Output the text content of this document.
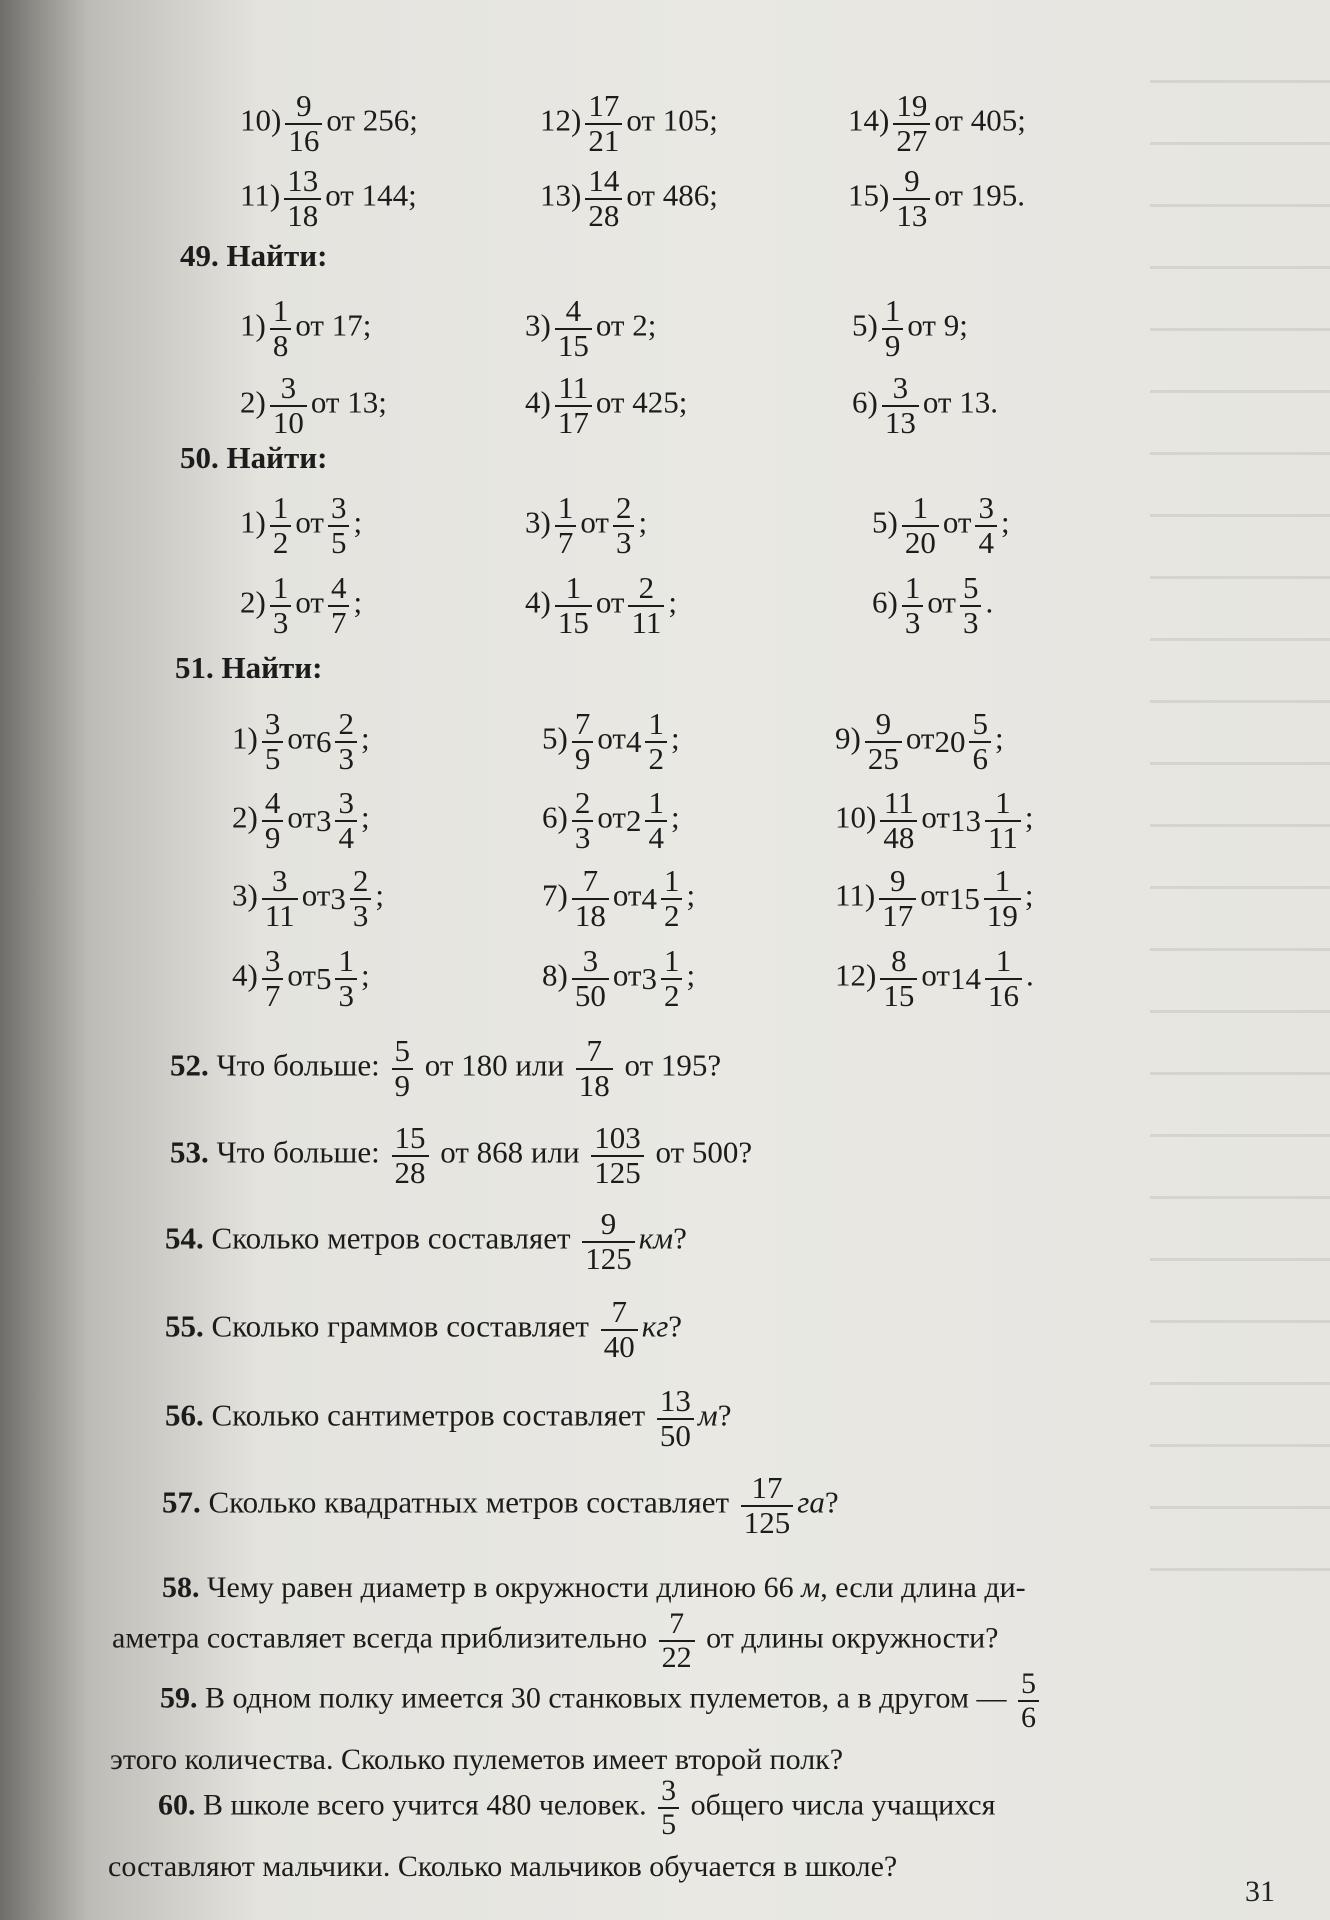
$10) \frac{9}{16}$ от 256;	$12) \frac{17}{21}$ от 105;	$14) \frac{19}{27}$ от 405;
$11) \frac{13}{18}$ от 144;	$13) \frac{14}{28}$ от 486;	$15) \frac{9}{13}$ от 195.
49. Найти:
$1) \frac{1}{8}$ от 17;	$3) \frac{4}{15}$ от 2;	$5) \frac{1}{9}$ от 9;
$2) \frac{3}{10}$ от 13;	$4) \frac{11}{17}$ от 425;	$6) \frac{3}{13}$ от 13.
50. Найти:
$1) \frac{1}{2}$ от $\frac{3}{5}$ ;	$3) \frac{1}{7}$ от $\frac{2}{3}$ ;	$5) \frac{1}{20}$ от $\frac{3}{4}$ ;
$2) \frac{1}{3}$ от $\frac{4}{7}$ ;	$4) \frac{1}{15}$ от $\frac{2}{11}$ ;	$6) \frac{1}{3}$ от $\frac{5}{3}$ .
51. Найти:
$1) \frac{3}{5} от6 \frac{2}{3}$ ;	$5) \frac{7}{9} от4 \frac{1}{2}$ ;	$9) \frac{9}{25} от20 \frac{5}{6}$ ;
$2) \frac{4}{9} от3 \frac{3}{4}$ ;	$6) \frac{2}{3} от2 \frac{1}{4}$ ;	$10) \frac{11}{48} от13 \frac{1}{11}$ ;
$3) \frac{3}{11} от3 \frac{2}{3}$ ;	$7) \frac{7}{18} от4 \frac{1}{2}$ ;	$11) \frac{9}{17} от15 \frac{1}{19}$ ;
$4) \frac{3}{7} от5 \frac{1}{3}$ ;	$8) \frac{3}{50} от3 \frac{1}{2}$ ;	$12) \frac{8}{15} от14 \frac{1}{16}$ .
52. Что больше: $\frac{5}{9}$ от 180 или $\frac{7}{18}$ от 195?
53. Что больше: $\frac{15}{28}$ от 868 или $\frac{103}{125}$ от 500?
54. Сколько метров составляет $\frac{9}{125}$ км?
55. Сколько граммов составляет $\frac{7}{40}$ кг?
56. Сколько сантиметров составляет $\frac{13}{50} м$?
57. Сколько квадратных метров составляет $\frac{17}{125}$ га?
58. Чему равен диаметр в окружности длиною 66 м, если длина ди-
аметра составляет всегда приблизительно $\frac{7}{22}$ от длины окружности?
59. В одном полку имеется 30 станковых пулеметов, а в другом — $\frac{5}{6}$
этого количества. Сколько пулеметов имеет второй полк?
60. В школе всего учится 480 человек. $\frac{3}{5}$ общего числа учащихся
составляют мальчики. Сколько мальчиков обучается в школе?
31
